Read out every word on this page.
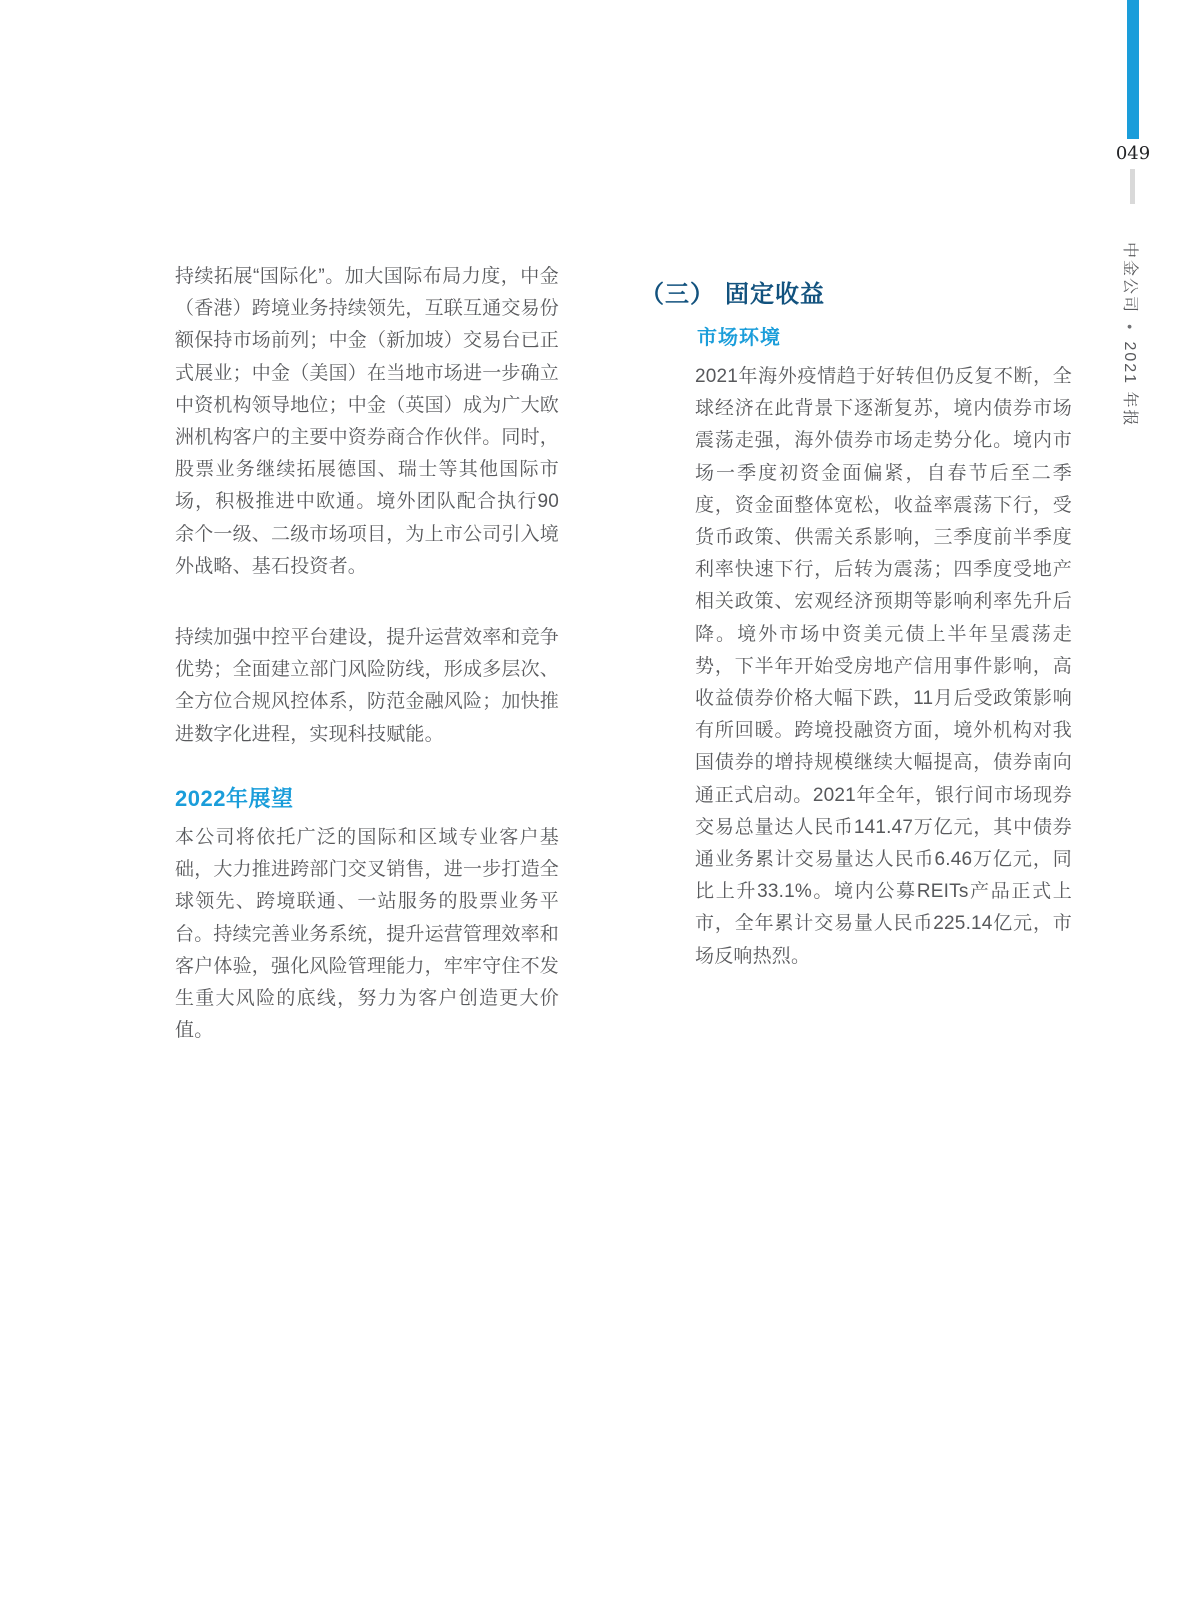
持续拓展“国际化”。加大国际布局力度，中金（香港）跨境业务持续领先，互联互通交易份额保持市场前列；中金（新加坡）交易台已正式展业；中金（美国）在当地市场进一步确立中资机构领导地位；中金（英国）成为广大欧洲机构客户的主要中资券商合作伙伴。同时，股票业务继续拓展德国、瑞士等其他国际市场，积极推进中欧通。境外团队配合执行90余个一级、二级市场项目，为上市公司引入境外战略、基石投资者。

持续加强中控平台建设，提升运营效率和竞争优势；全面建立部门风险防线，形成多层次、全方位合规风控体系，防范金融风险；加快推进数字化进程，实现科技赋能。

2022年展望

本公司将依托广泛的国际和区域专业客户基础，大力推进跨部门交叉销售，进一步打造全球领先、跨境联通、一站服务的股票业务平台。持续完善业务系统，提升运营管理效率和客户体验，强化风险管理能力，牢牢守住不发生重大风险的底线，努力为客户创造更大价值。

（三） 固定收益
市场环境

2021年海外疫情趋于好转但仍反复不断，全球经济在此背景下逐渐复苏，境内债券市场震荡走强，海外债券市场走势分化。境内市场一季度初资金面偏紧，自春节后至二季度，资金面整体宽松，收益率震荡下行，受货币政策、供需关系影响，三季度前半季度利率快速下行，后转为震荡；四季度受地产相关政策、宏观经济预期等影响利率先升后降。境外市场中资美元债上半年呈震荡走势，下半年开始受房地产信用事件影响，高收益债券价格大幅下跌，11月后受政策影响有所回暖。跨境投融资方面，境外机构对我国债券的增持规模继续大幅提高，债券南向通正式启动。2021年全年，银行间市场现券交易总量达人民币141.47万亿元，其中债券通业务累计交易量达人民币6.46万亿元，同比上升33.1%。境内公募REITs产品正式上市，全年累计交易量人民币225.14亿元，市场反响热烈。

049
中金公司●2021 年报
